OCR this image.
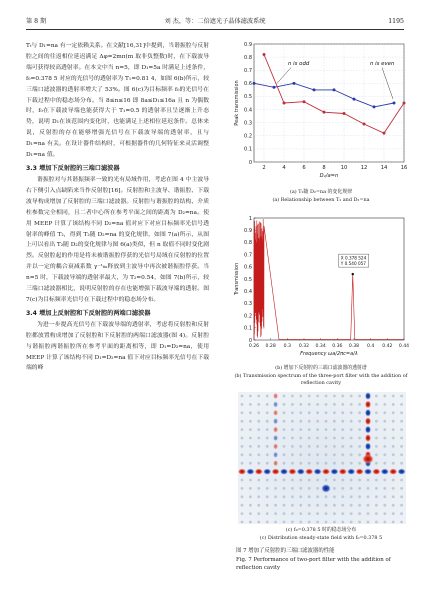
第 8 期	刘 杰，等：二倍遮光子晶体滤波系统	1195

Tₜ与 D₁=na 有一定依赖关系。在文献[16,31]中提到，当谐振腔与反射腔之间的往返相位延迟满足 Δφ=2mπ(m 取非负整数)时，在下载波导端可获得较高透射率。在本文中当 n=5，即 D₁=5a 时满足上述条件，f₀=0.378 5 对应的光信号的透射率为 T₁=0.81 4，如图 6(b)所示，较三端口滤波器的透射率增大了 53%。图 6(c)为目标频率 f₀的光信号在下载过程中的稳态场分布。当 8≤n≤16 即 8a≤D₁≤16a 且 n 为偶数时，f₀在下载波导端也能获得大于 T₁=0.5 的透射率且呈逐渐上升态势，说明 D₁在该范围内变化时，也能满足上述相位延迟条件。总体来说，反射腔的存在能够增强光信号在下载波导端的透射率，且与 D₁=na 有关。在设计器件结构时，可根据器件的几何特征来灵活调整 D₁=na 值。

3.3 增加下反射腔的三端口滤波器

谐振腔对与其谐振频率一致的光有局域作用，考虑在图 4 中主波导右下侧引入点缺陷来当作反射腔[16]。反射腔和主波导、谐振腔、下载波导构成增加了反射腔的三端口滤波器。反射腔与谐振腔的结构、介质柱参数完全相同，且二者中心所在参考平面之间的距离为 D₂=na。使用 MEEP 计算了该结构不同 D₂=na 值对应下对应目标频率光信号透射率的峰值 T₂，得到 T₂随 D₂=na 的变化规律，如图 7(a)所示，从图上可以看出 T₂随 D₂的变化规律与图 6(a)类似，但 n 取值不同时变化剧烈。反射腔起的作用是将未被谐振腔俘获的光信号局域在反射腔的位置并以一定的耦合衰减系数 γ⁻¹₆ₐ释放到主波导中再次被谐振腔俘获。当 n=5 时，下载波导端的透射率最大，为 T₂=0.54，如图 7(b)所示，较三端口滤波器相比，说明反射腔的存在也能增强下载波导端的透射。图 7(c)为目标频率光信号在下载过程中的稳态场分布。

3.4 增加上反射腔和下反射腔的两端口滤波器

为进一步提高光信号在下载波导端的透射率，考虑将反射腔和反射腔都放置构成增加了反射腔和下反射腔的两端口滤波器(图 4)。反射腔与谐振腔两谐振腔所在参考平面的距离相等，即 D₁=D₂=na，使用 MEEP 计算了该结构不同 D₁=D₂=na 值下对应目标频率光信号在下载端的峰

0
0.1
0.2
0.3
0.4
0.5
0.6
0.7
0.8
0.9
2	4	6	8	10	12	14	16
Peak transmission
D₂/a=n
n is odd	n is even
(a) T₂随 D₂=na 的变化规律
(a) Relationship between T₂ and D₂=na
0
0.1
0.2
0.3
0.4
0.5
0.6
0.7
0.8
0.9
1
0.26 0.28 0.3 0.32 0.34 0.36 0.38 0.4 0.42 0.44
Transmission
Frequency ωa/2πc=a/λ
X 0.378 524
Y 0.540 057
(b) 增加下反射腔的三端口滤波器的透射谱
(b) Transmission spectrum of the three-port filter with the addition of reflection cavity
(c) f₀=0.378 5 时的稳态场分布
(c) Distribution steady-state field with f₀=0.378 5
图 7 增加了反射腔的三端口滤波器的性能
Fig. 7 Performance of two-port filter with the addition of reflection cavity
